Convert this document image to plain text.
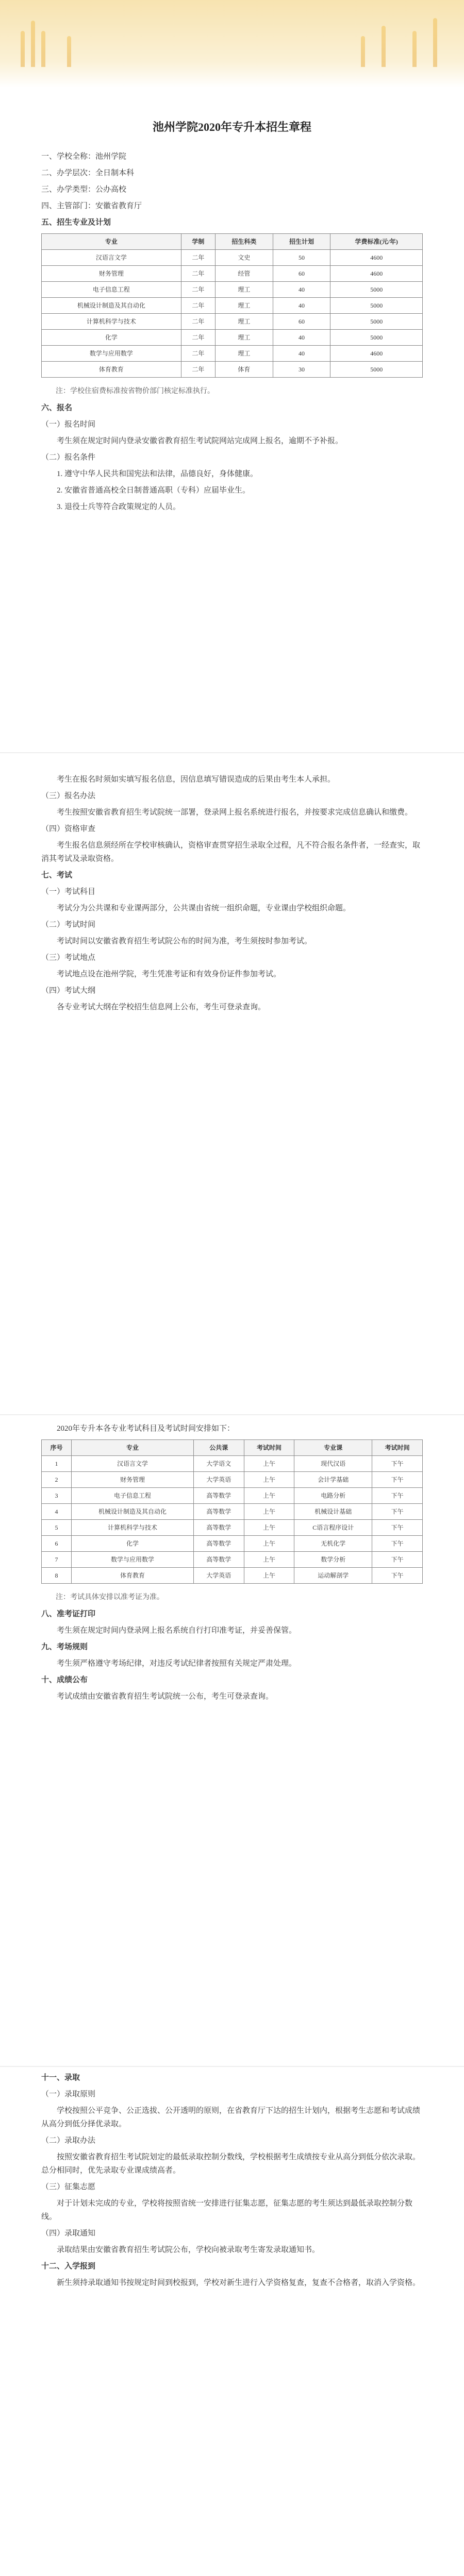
池州学院2020年专升本招生章程

一、学校全称：池州学院

二、办学层次：全日制本科

三、办学类型：公办高校

四、主管部门：安徽省教育厅

五、招生专业及计划

专业	学制	招生科类	招生计划	学费标准(元/年)
汉语言文学	二年	文史	50	4600
财务管理	二年	经管	60	4600
电子信息工程	二年	理工	40	5000
机械设计制造及其自动化	二年	理工	40	5000
计算机科学与技术	二年	理工	60	5000
化学	二年	理工	40	5000
数学与应用数学	二年	理工	40	4600
体育教育	二年	体育	30	5000

注：学校住宿费标准按省物价部门核定标准执行。

六、报名

（一）报名时间

考生须在规定时间内登录安徽省教育招生考试院网站完成网上报名，逾期不予补报。

（二）报名条件

1. 遵守中华人民共和国宪法和法律，品德良好，身体健康。

2. 安徽省普通高校全日制普通高职（专科）应届毕业生。

3. 退役士兵等符合政策规定的人员。

考生在报名时须如实填写报名信息，因信息填写错误造成的后果由考生本人承担。

（三）报名办法

考生按照安徽省教育招生考试院统一部署，登录网上报名系统进行报名，并按要求完成信息确认和缴费。

（四）资格审查

考生报名信息须经所在学校审核确认，资格审查贯穿招生录取全过程，凡不符合报名条件者，一经查实，取消其考试及录取资格。

七、考试

（一）考试科目

考试分为公共课和专业课两部分，公共课由省统一组织命题，专业课由学校组织命题。

（二）考试时间

考试时间以安徽省教育招生考试院公布的时间为准，考生须按时参加考试。

（三）考试地点

考试地点设在池州学院，考生凭准考证和有效身份证件参加考试。

（四）考试大纲

各专业考试大纲在学校招生信息网上公布，考生可登录查询。

2020年专升本各专业考试科目及考试时间安排如下：

序号	专业	公共课	考试时间	专业课	考试时间
1	汉语言文学	大学语文	上午	现代汉语	下午
2	财务管理	大学英语	上午	会计学基础	下午
3	电子信息工程	高等数学	上午	电路分析	下午
4	机械设计制造及其自动化	高等数学	上午	机械设计基础	下午
5	计算机科学与技术	高等数学	上午	C语言程序设计	下午
6	化学	高等数学	上午	无机化学	下午
7	数学与应用数学	高等数学	上午	数学分析	下午
8	体育教育	大学英语	上午	运动解剖学	下午

注：考试具体安排以准考证为准。

八、准考证打印

考生须在规定时间内登录网上报名系统自行打印准考证，并妥善保管。

九、考场规则

考生须严格遵守考场纪律，对违反考试纪律者按照有关规定严肃处理。

十、成绩公布

考试成绩由安徽省教育招生考试院统一公布，考生可登录查询。

十一、录取

（一）录取原则

学校按照公平竞争、公正选拔、公开透明的原则，在省教育厅下达的招生计划内，根据考生志愿和考试成绩从高分到低分择优录取。

（二）录取办法

按照安徽省教育招生考试院划定的最低录取控制分数线，学校根据考生成绩按专业从高分到低分依次录取。总分相同时，优先录取专业课成绩高者。

（三）征集志愿

对于计划未完成的专业，学校将按照省统一安排进行征集志愿，征集志愿的考生须达到最低录取控制分数线。

（四）录取通知

录取结果由安徽省教育招生考试院公布，学校向被录取考生寄发录取通知书。

十二、入学报到

新生须持录取通知书按规定时间到校报到，学校对新生进行入学资格复查，复查不合格者，取消入学资格。
